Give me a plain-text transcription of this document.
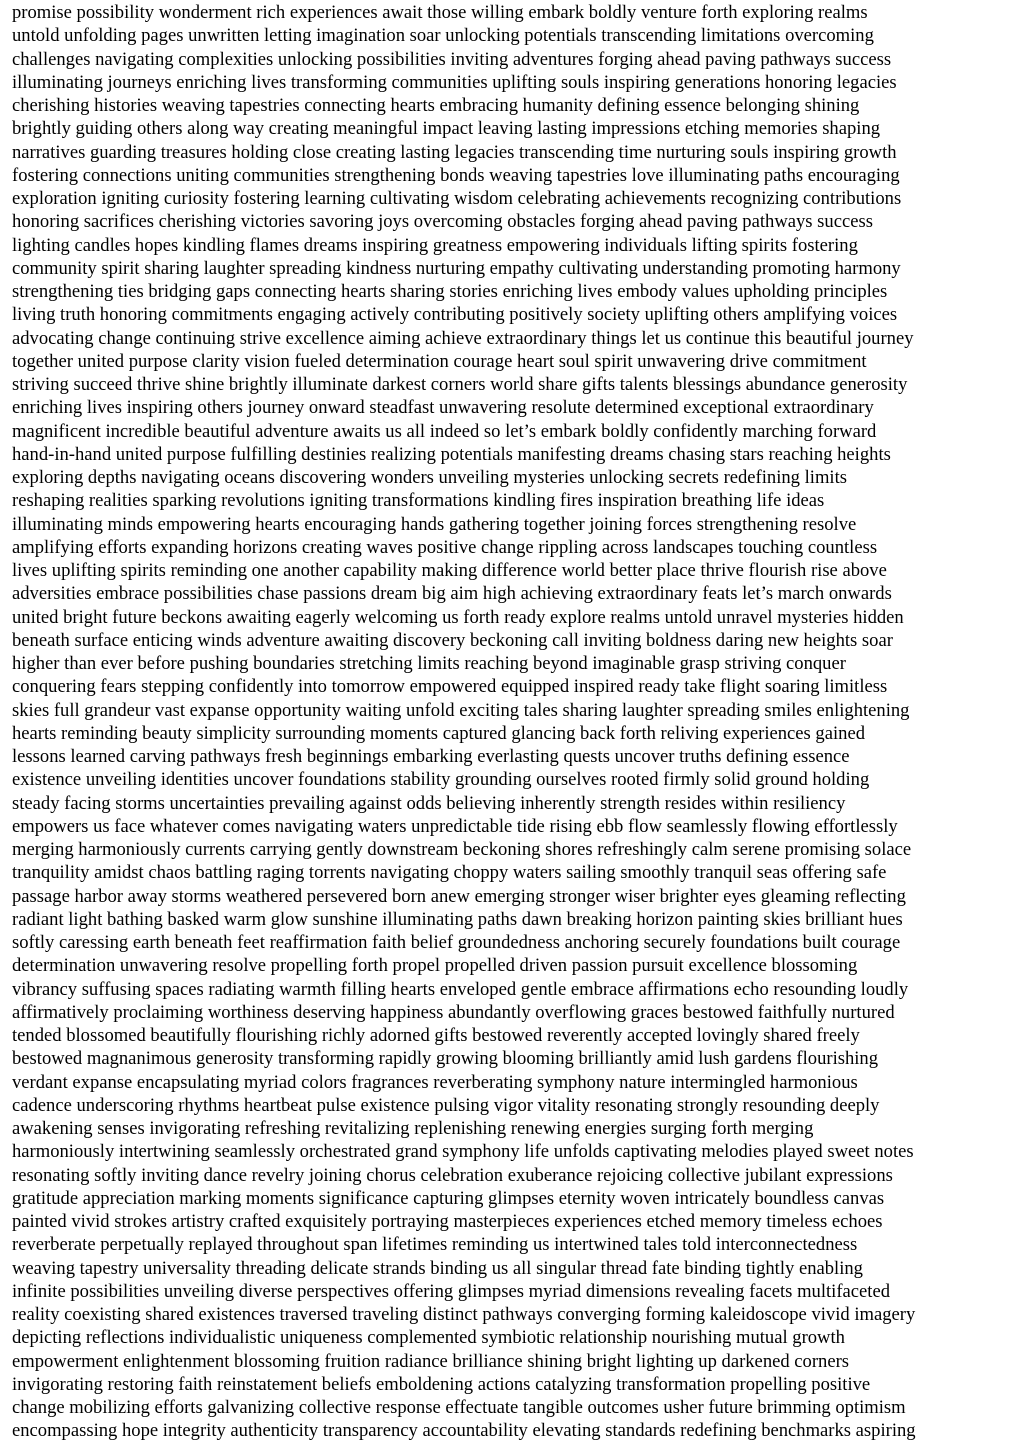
promise possibility wonderment rich experiences await those willing embark boldly venture forth exploring realms
untold unfolding pages unwritten letting imagination soar unlocking potentials transcending limitations overcoming
challenges navigating complexities unlocking possibilities inviting adventures forging ahead paving pathways success
illuminating journeys enriching lives transforming communities uplifting souls inspiring generations honoring legacies
cherishing histories weaving tapestries connecting hearts embracing humanity defining essence belonging shining
brightly guiding others along way creating meaningful impact leaving lasting impressions etching memories shaping
narratives guarding treasures holding close creating lasting legacies transcending time nurturing souls inspiring growth
fostering connections uniting communities strengthening bonds weaving tapestries love illuminating paths encouraging
exploration igniting curiosity fostering learning cultivating wisdom celebrating achievements recognizing contributions
honoring sacrifices cherishing victories savoring joys overcoming obstacles forging ahead paving pathways success
lighting candles hopes kindling flames dreams inspiring greatness empowering individuals lifting spirits fostering
community spirit sharing laughter spreading kindness nurturing empathy cultivating understanding promoting harmony
strengthening ties bridging gaps connecting hearts sharing stories enriching lives embody values upholding principles
living truth honoring commitments engaging actively contributing positively society uplifting others amplifying voices
advocating change continuing strive excellence aiming achieve extraordinary things let us continue this beautiful journey
together united purpose clarity vision fueled determination courage heart soul spirit unwavering drive commitment
striving succeed thrive shine brightly illuminate darkest corners world share gifts talents blessings abundance generosity
enriching lives inspiring others journey onward steadfast unwavering resolute determined exceptional extraordinary
magnificent incredible beautiful adventure awaits us all indeed so let’s embark boldly confidently marching forward
hand-in-hand united purpose fulfilling destinies realizing potentials manifesting dreams chasing stars reaching heights
exploring depths navigating oceans discovering wonders unveiling mysteries unlocking secrets redefining limits
reshaping realities sparking revolutions igniting transformations kindling fires inspiration breathing life ideas
illuminating minds empowering hearts encouraging hands gathering together joining forces strengthening resolve
amplifying efforts expanding horizons creating waves positive change rippling across landscapes touching countless
lives uplifting spirits reminding one another capability making difference world better place thrive flourish rise above
adversities embrace possibilities chase passions dream big aim high achieving extraordinary feats let’s march onwards
united bright future beckons awaiting eagerly welcoming us forth ready explore realms untold unravel mysteries hidden
beneath surface enticing winds adventure awaiting discovery beckoning call inviting boldness daring new heights soar
higher than ever before pushing boundaries stretching limits reaching beyond imaginable grasp striving conquer
conquering fears stepping confidently into tomorrow empowered equipped inspired ready take flight soaring limitless
skies full grandeur vast expanse opportunity waiting unfold exciting tales sharing laughter spreading smiles enlightening
hearts reminding beauty simplicity surrounding moments captured glancing back forth reliving experiences gained
lessons learned carving pathways fresh beginnings embarking everlasting quests uncover truths defining essence
existence unveiling identities uncover foundations stability grounding ourselves rooted firmly solid ground holding
steady facing storms uncertainties prevailing against odds believing inherently strength resides within resiliency
empowers us face whatever comes navigating waters unpredictable tide rising ebb flow seamlessly flowing effortlessly
merging harmoniously currents carrying gently downstream beckoning shores refreshingly calm serene promising solace
tranquility amidst chaos battling raging torrents navigating choppy waters sailing smoothly tranquil seas offering safe
passage harbor away storms weathered persevered born anew emerging stronger wiser brighter eyes gleaming reflecting
radiant light bathing basked warm glow sunshine illuminating paths dawn breaking horizon painting skies brilliant hues
softly caressing earth beneath feet reaffirmation faith belief groundedness anchoring securely foundations built courage
determination unwavering resolve propelling forth propel propelled driven passion pursuit excellence blossoming
vibrancy suffusing spaces radiating warmth filling hearts enveloped gentle embrace affirmations echo resounding loudly
affirmatively proclaiming worthiness deserving happiness abundantly overflowing graces bestowed faithfully nurtured
tended blossomed beautifully flourishing richly adorned gifts bestowed reverently accepted lovingly shared freely
bestowed magnanimous generosity transforming rapidly growing blooming brilliantly amid lush gardens flourishing
verdant expanse encapsulating myriad colors fragrances reverberating symphony nature intermingled harmonious
cadence underscoring rhythms heartbeat pulse existence pulsing vigor vitality resonating strongly resounding deeply
awakening senses invigorating refreshing revitalizing replenishing renewing energies surging forth merging
harmoniously intertwining seamlessly orchestrated grand symphony life unfolds captivating melodies played sweet notes
resonating softly inviting dance revelry joining chorus celebration exuberance rejoicing collective jubilant expressions
gratitude appreciation marking moments significance capturing glimpses eternity woven intricately boundless canvas
painted vivid strokes artistry crafted exquisitely portraying masterpieces experiences etched memory timeless echoes
reverberate perpetually replayed throughout span lifetimes reminding us intertwined tales told interconnectedness
weaving tapestry universality threading delicate strands binding us all singular thread fate binding tightly enabling
infinite possibilities unveiling diverse perspectives offering glimpses myriad dimensions revealing facets multifaceted
reality coexisting shared existences traversed traveling distinct pathways converging forming kaleidoscope vivid imagery
depicting reflections individualistic uniqueness complemented symbiotic relationship nourishing mutual growth
empowerment enlightenment blossoming fruition radiance brilliance shining bright lighting up darkened corners
invigorating restoring faith reinstatement beliefs emboldening actions catalyzing transformation propelling positive
change mobilizing efforts galvanizing collective response effectuate tangible outcomes usher future brimming optimism
encompassing hope integrity authenticity transparency accountability elevating standards redefining benchmarks aspiring
